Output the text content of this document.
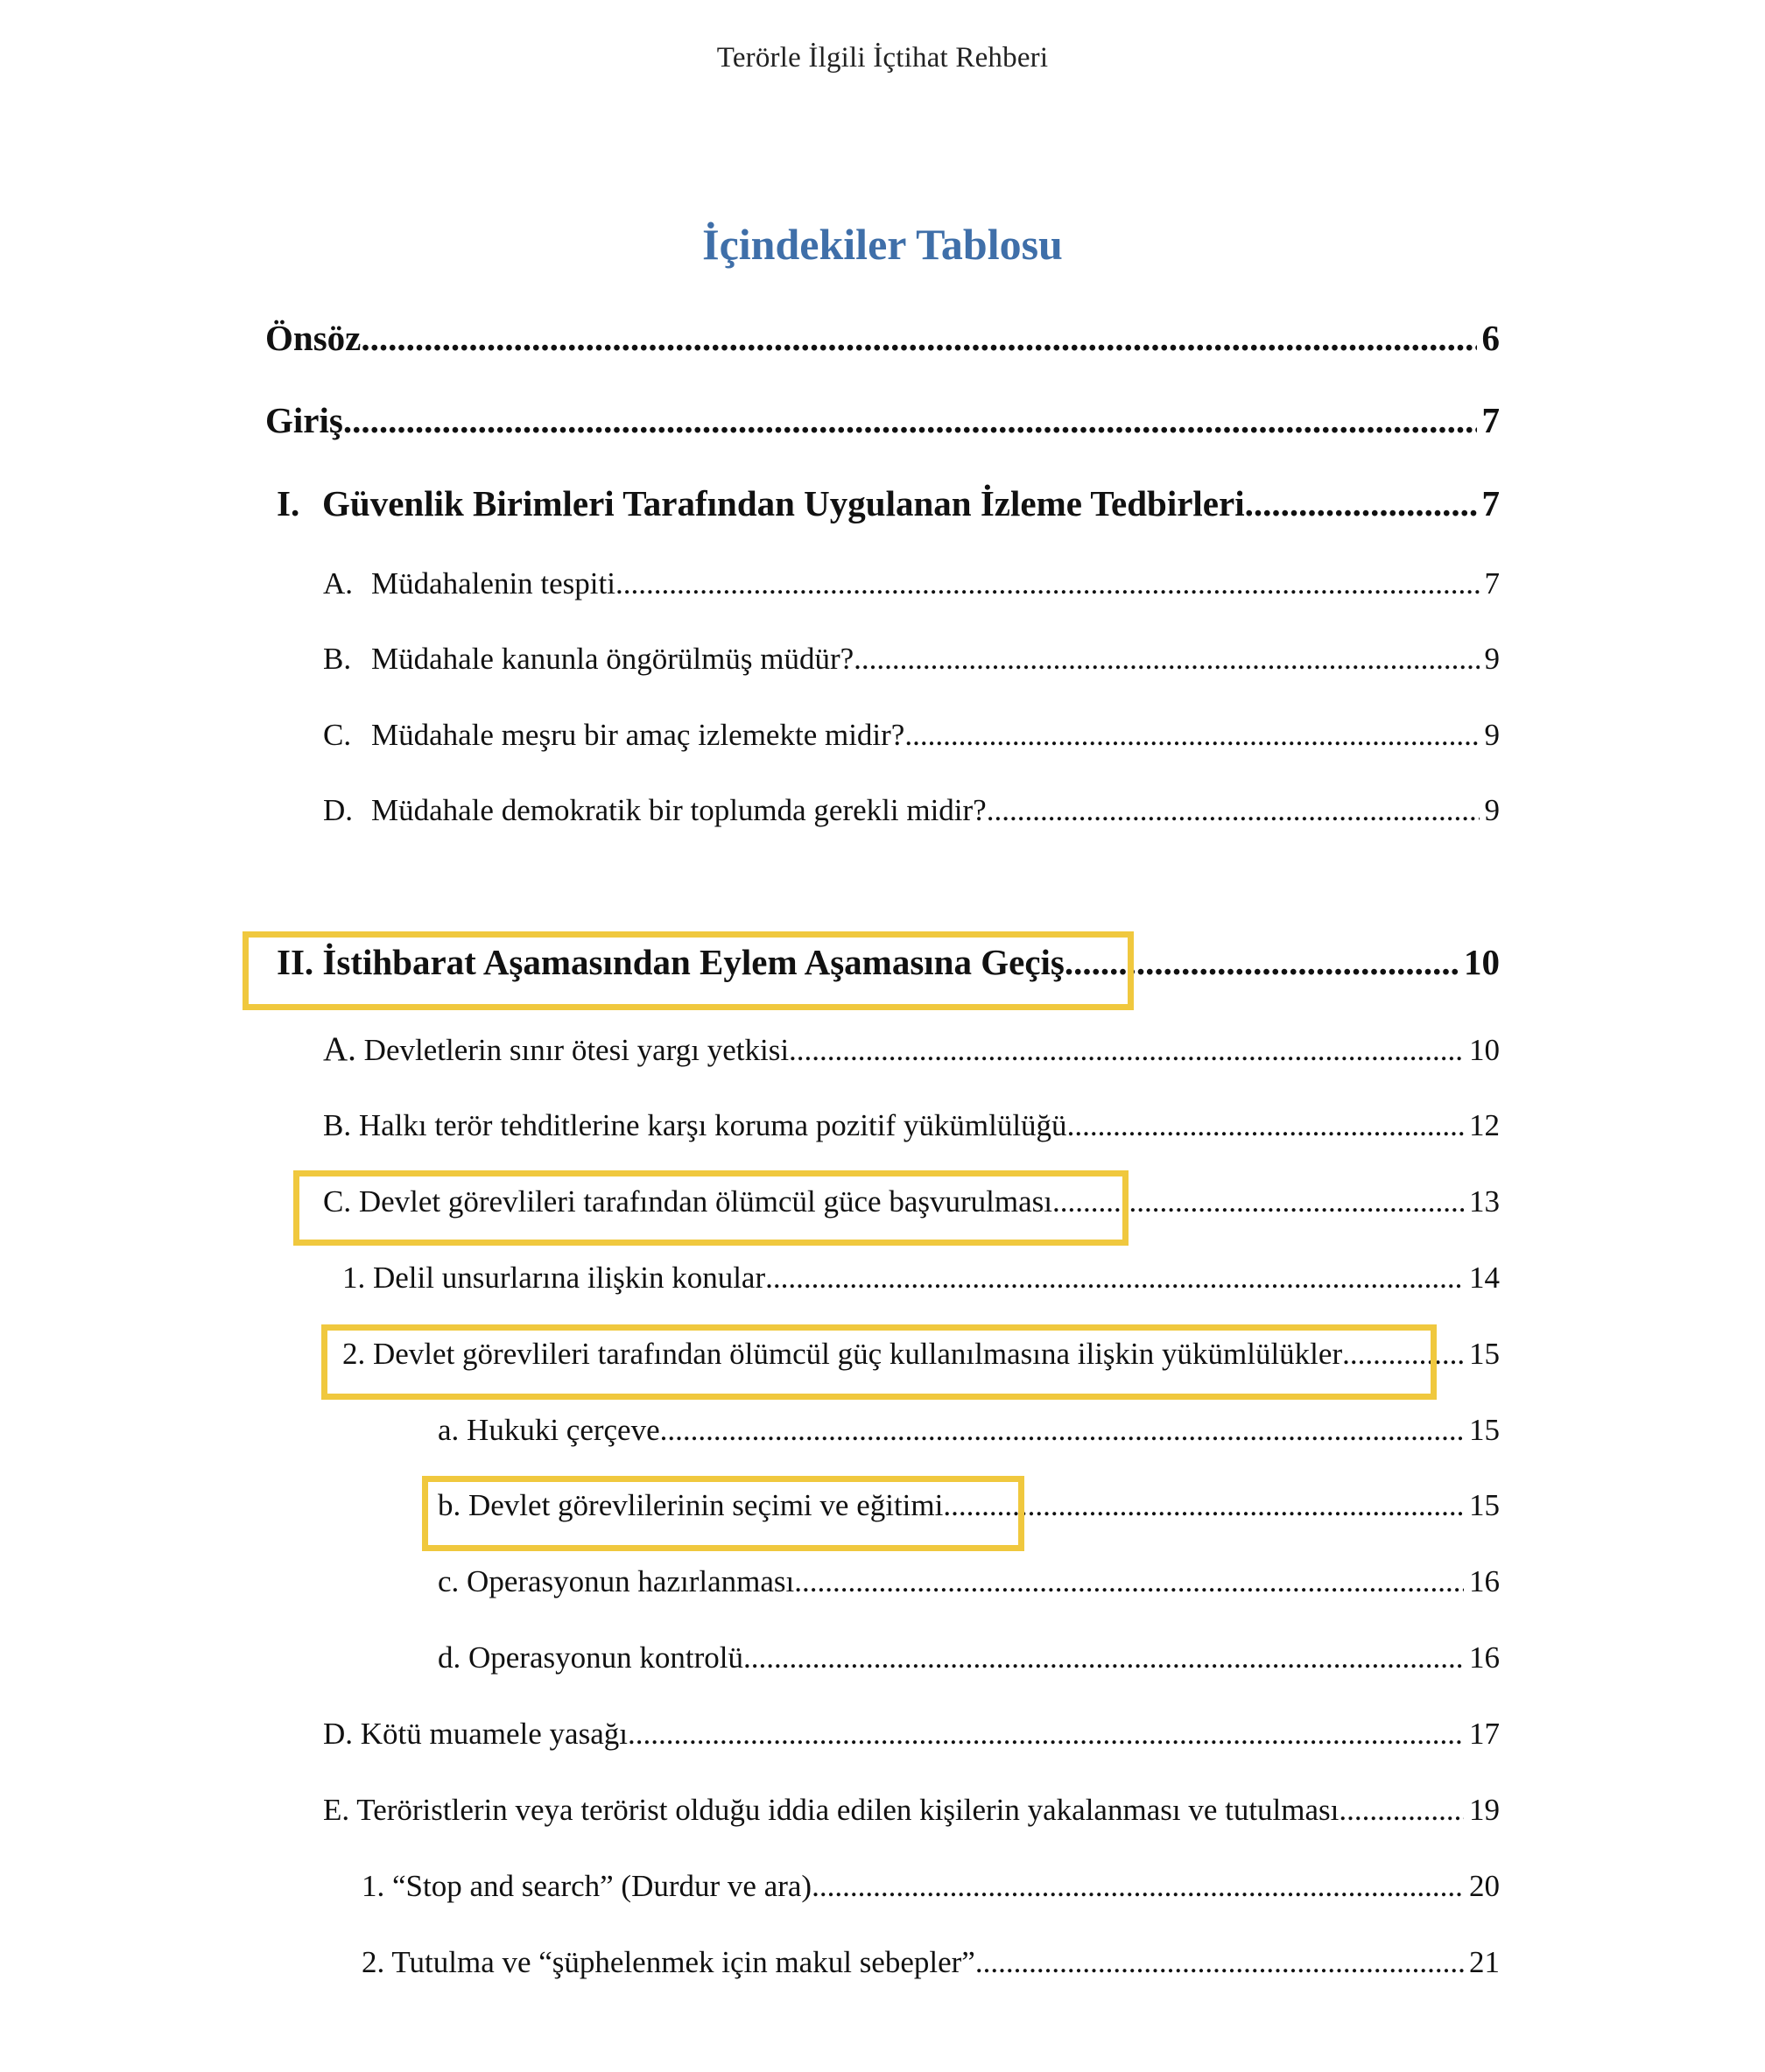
Terörle İlgili İçtihat Rehberi
İçindekiler Tablosu
Önsöz .....	6
Giriş .....	7
I. Güvenlik Birimleri Tarafından Uygulanan İzleme Tedbirleri .....	7
A. Müdahalenin tespiti .....	7
B. Müdahale kanunla öngörülmüş müdür? .....	9
C. Müdahale meşru bir amaç izlemekte midir? .....	9
D. Müdahale demokratik bir toplumda gerekli midir? .....	9
II. İstihbarat Aşamasından Eylem Aşamasına Geçiş .....	10
A. Devletlerin sınır ötesi yargı yetkisi .....	10
B. Halkı terör tehditlerine karşı koruma pozitif yükümlülüğü .....	12
C. Devlet görevlileri tarafından ölümcül güce başvurulması. .....	13
1. Delil unsurlarına ilişkin konular .....	14
2. Devlet görevlileri tarafından ölümcül güç kullanılmasına ilişkin yükümlülükler .....	15
a. Hukuki çerçeve .....	15
b. Devlet görevlilerinin seçimi ve eğitimi .....	15
c. Operasyonun hazırlanması .....	16
d. Operasyonun kontrolü .....	16
D. Kötü muamele yasağı .....	17
E. Teröristlerin veya terörist olduğu iddia edilen kişilerin yakalanması ve tutulması .....	19
1. “Stop and search” (Durdur ve ara) .....	20
2. Tutulma ve “şüphelenmek için makul sebepler” .....	21
